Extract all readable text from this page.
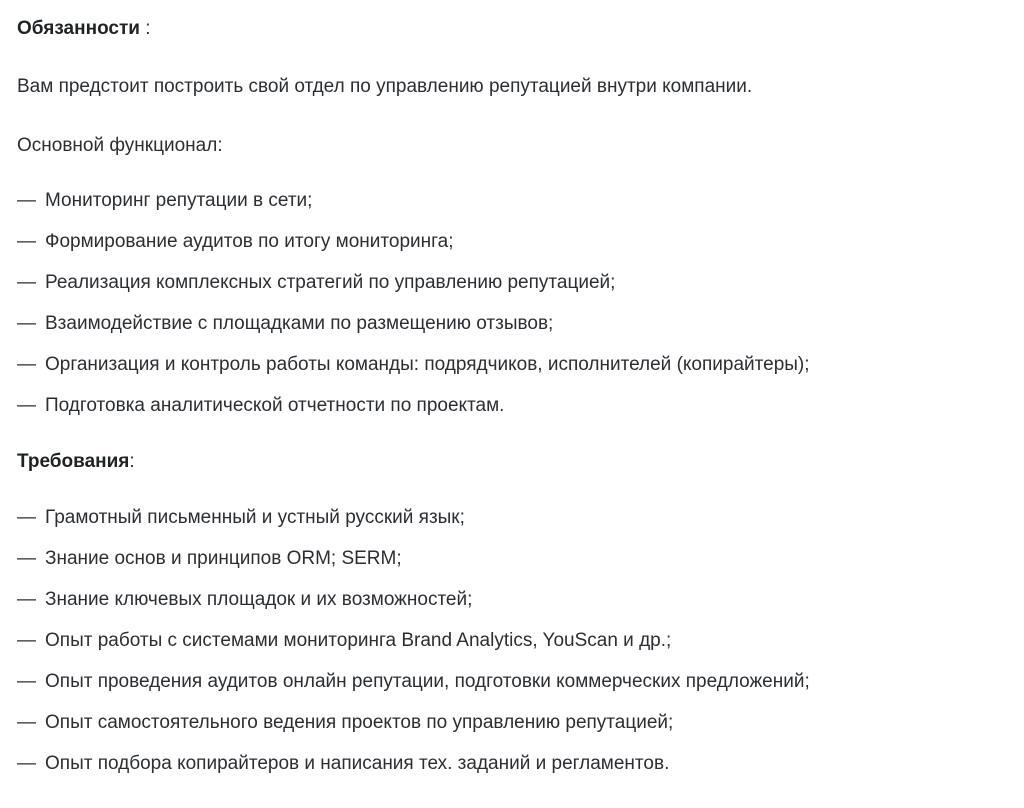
Обязанности :

Вам предстоит построить свой отдел по управлению репутацией внутри компании.

Основной функционал:

— Мониторинг репутации в сети;
— Формирование аудитов по итогу мониторинга;
— Реализация комплексных стратегий по управлению репутацией;
— Взаимодействие с площадками по размещению отзывов;
— Организация и контроль работы команды: подрядчиков, исполнителей (копирайтеры);
— Подготовка аналитической отчетности по проектам.
Требования:
— Грамотный письменный и устный русский язык;
— Знание основ и принципов ORM; SERM;
— Знание ключевых площадок и их возможностей;
— Опыт работы с системами мониторинга Brand Analytics, YouScan и др.;
— Опыт проведения аудитов онлайн репутации, подготовки коммерческих предложений;
— Опыт самостоятельного ведения проектов по управлению репутацией;
— Опыт подбора копирайтеров и написания тех. заданий и регламентов.
